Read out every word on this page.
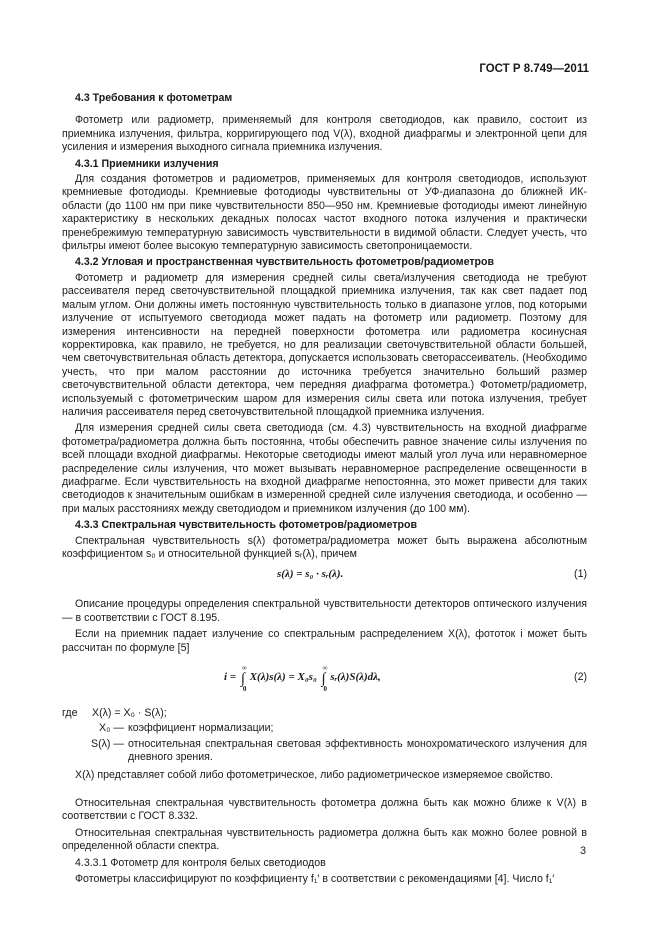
ГОСТ Р 8.749—2011
4.3 Требования к фотометрам
Фотометр или радиометр, применяемый для контроля светодиодов, как правило, состоит из приемника излучения, фильтра, корригирующего под V(λ), входной диафрагмы и электронной цепи для усиления и измерения выходного сигнала приемника излучения.
4.3.1 Приемники излучения
Для создания фотометров и радиометров, применяемых для контроля светодиодов, используют кремниевые фотодиоды. Кремниевые фотодиоды чувствительны от УФ-диапазона до ближней ИК-области (до 1100 нм при пике чувствительности 850—950 нм. Кремниевые фотодиоды имеют линейную характеристику в нескольких декадных полосах частот входного потока излучения и практически пренебрежимую температурную зависимость чувствительности в видимой области. Следует учесть, что фильтры имеют более высокую температурную зависимость светопроницаемости.
4.3.2 Угловая и пространственная чувствительность фотометров/радиометров
Фотометр и радиометр для измерения средней силы света/излучения светодиода не требуют рассеивателя перед светочувствительной площадкой приемника излучения, так как свет падает под малым углом. Они должны иметь постоянную чувствительность только в диапазоне углов, под которыми излучение от испытуемого светодиода может падать на фотометр или радиометр. Поэтому для измерения интенсивности на передней поверхности фотометра или радиометра косинусная корректировка, как правило, не требуется, но для реализации светочувствительной области большей, чем светочувствительная область детектора, допускается использовать светорассеиватель. (Необходимо учесть, что при малом расстоянии до источника требуется значительно больший размер светочувствительной области детектора, чем передняя диафрагма фотометра.) Фотометр/радиометр, используемый с фотометрическим шаром для измерения силы света или потока излучения, требует наличия рассеивателя перед светочувствительной площадкой приемника излучения.
Для измерения средней силы света светодиода (см. 4.3) чувствительность на входной диафрагме фотометра/радиометра должна быть постоянна, чтобы обеспечить равное значение силы излучения по всей площади входной диафрагмы. Некоторые светодиоды имеют малый угол луча или неравномерное распределение силы излучения, что может вызывать неравномерное распределение освещенности в диафрагме. Если чувствительность на входной диафрагме непостоянна, это может привести для таких светодиодов к значительным ошибкам в измеренной средней силе излучения светодиода, и особенно — при малых расстояниях между светодиодом и приемником излучения (до 100 мм).
4.3.3 Спектральная чувствительность фотометров/радиометров
Спектральная чувствительность s(λ) фотометра/радиометра может быть выражена абсолютным коэффициентом s₀ и относительной функцией sᵣ(λ), причем
s(λ) = s₀ · sᵣ(λ).	(1)
Описание процедуры определения спектральной чувствительности детекторов оптического излучения — в соответствии с ГОСТ 8.195.
Если на приемник падает излучение со спектральным распределением X(λ), фототок i может быть рассчитан по формуле [5]
i = ∫
∞
0
X(λ)s(λ) = X₀s₀ ∫
∞
0
sᵣ(λ)S(λ)dλ,	(2)
где	X(λ) = X₀ · S(λ);
X₀ — коэффициент нормализации;
S(λ) — относительная спектральная световая эффективность монохроматического излучения для дневного зрения.
X(λ) представляет собой либо фотометрическое, либо радиометрическое измеряемое свойство.
Относительная спектральная чувствительность фотометра должна быть как можно ближе к V(λ) в соответствии с ГОСТ 8.332.
Относительная спектральная чувствительность радиометра должна быть как можно более ровной в определенной области спектра.
4.3.3.1 Фотометр для контроля белых светодиодов
Фотометры классифицируют по коэффициенту f₁′ в соответствии с рекомендациями [4]. Число f₁′
3
